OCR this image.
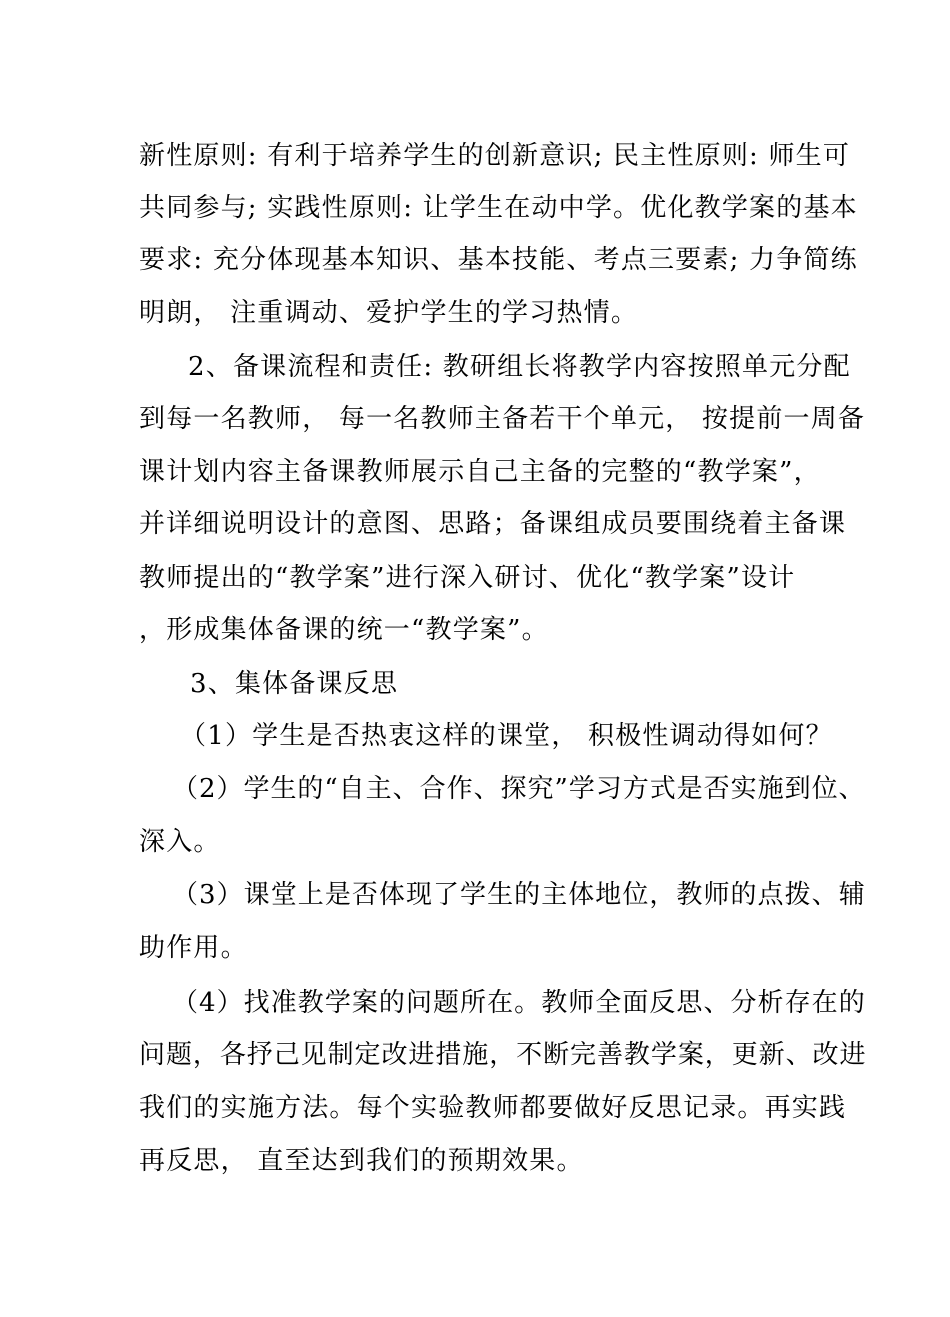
新性原则: 有利于培养学生的创新意识; 民主性原则: 师生可
共同参与; 实践性原则: 让学生在动中学。优化教学案的基本
要求: 充分体现基本知识、基本技能、考点三要素; 力争简练
明朗， 注重调动、爱护学生的学习热情。
2、备课流程和责任: 教研组长将教学内容按照单元分配
到每一名教师， 每一名教师主备若干个单元， 按提前一周备
课计划内容主备课教师展示自己主备的完整的“教学案”，
并详细说明设计的意图、思路；备课组成员要围绕着主备课
教师提出的“教学案”进行深入研讨、优化“教学案”设计
，形成集体备课的统一“教学案”。
3、集体备课反思
（1）学生是否热衷这样的课堂， 积极性调动得如何？
（2）学生的“自主、合作、探究”学习方式是否实施到位、
深入。
（3）课堂上是否体现了学生的主体地位，教师的点拨、辅
助作用。
（4）找准教学案的问题所在。教师全面反思、分析存在的
问题，各抒己见制定改进措施，不断完善教学案，更新、改进
我们的实施方法。每个实验教师都要做好反思记录。再实践
再反思， 直至达到我们的预期效果。
